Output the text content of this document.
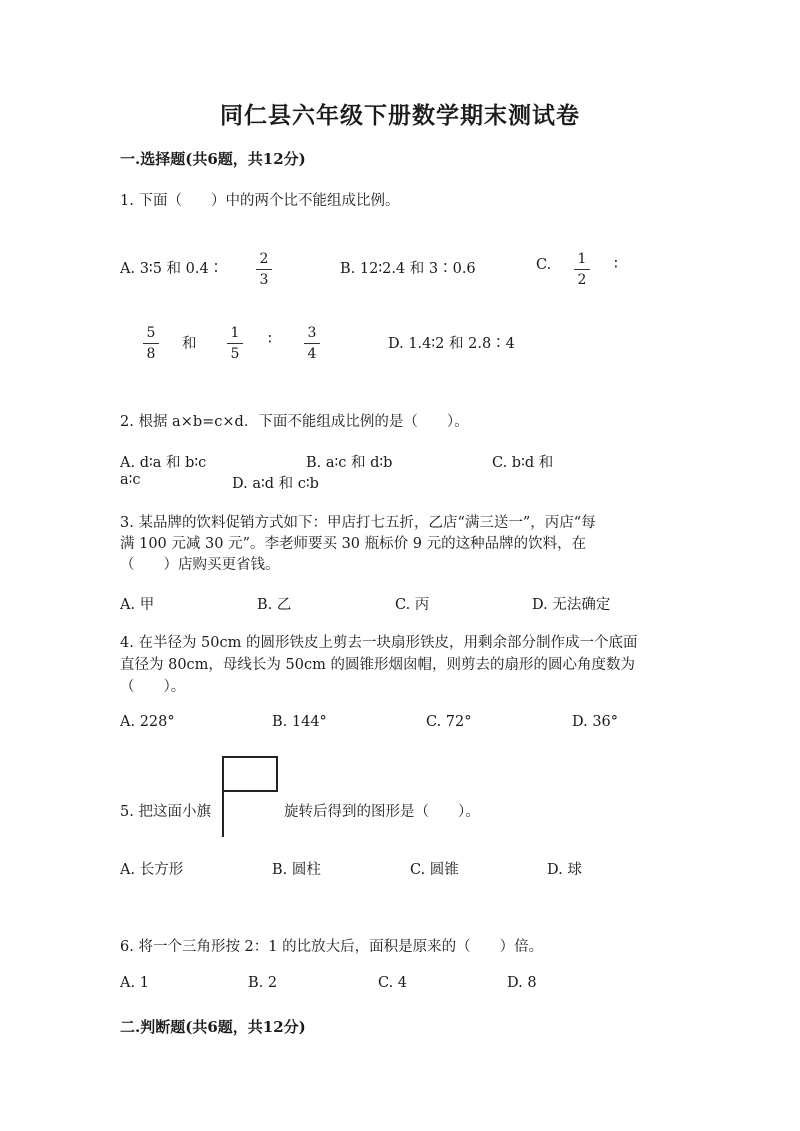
同仁县六年级下册数学期末测试卷
一.选择题(共6题，共12分)
1. 下面（　　）中的两个比不能组成比例。
A. 3∶5 和 0.4∶
2
3
B. 12∶2.4 和 3∶0.6	C.	1
2
∶
5
8
和
1
5
∶	3
4
D. 1.4∶2 和 2.8∶4
2. 根据 a×b=c×d．下面不能组成比例的是（　　）。
A. d∶a 和 b∶c	B. a∶c 和 d∶b	C. b∶d 和
a∶c	D. a∶d 和 c∶b
3. 某品牌的饮料促销方式如下：甲店打七五折，乙店“满三送一”，丙店“每
满 100 元减 30 元”。李老师要买 30 瓶标价 9 元的这种品牌的饮料，在
（　　）店购买更省钱。
A. 甲	B. 乙	C. 丙	D. 无法确定
4. 在半径为 50cm 的圆形铁皮上剪去一块扇形铁皮，用剩余部分制作成一个底面
直径为 80cm，母线长为 50cm 的圆锥形烟囱帽，则剪去的扇形的圆心角度数为
（　　）。
A. 228°	B. 144°	C. 72°	D. 36°
5. 把这面小旗	旋转后得到的图形是（　　）。
A. 长方形	B. 圆柱	C. 圆锥	D. 球
6. 将一个三角形按 2：1 的比放大后，面积是原来的（　　）倍。
A. 1	B. 2	C. 4	D. 8
二.判断题(共6题，共12分)
